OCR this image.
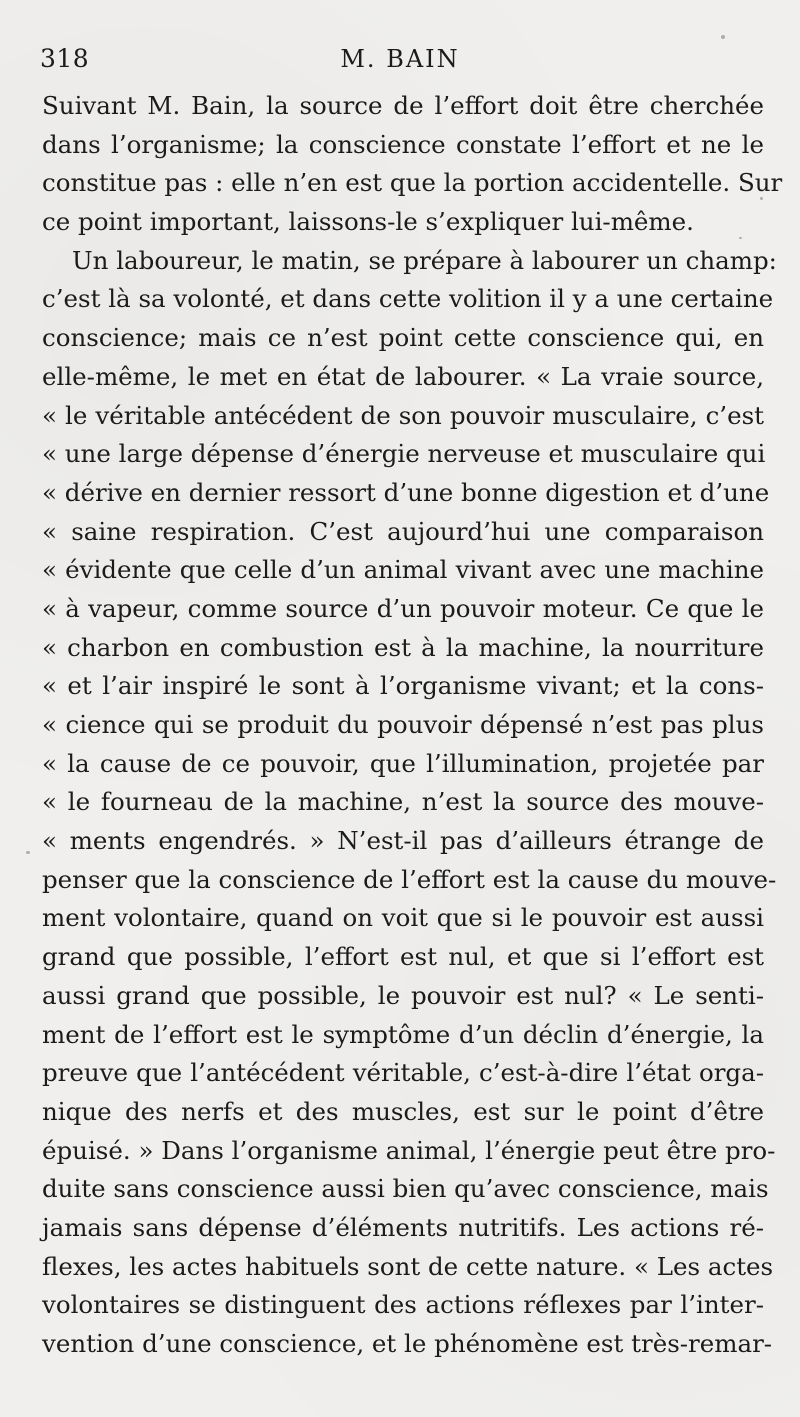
318	M. BAIN
Suivant M. Bain, la source de l’effort doit être cherchée
dans l’organisme; la conscience constate l’effort et ne le
constitue pas : elle n’en est que la portion accidentelle. Sur
ce point important, laissons-le s’expliquer lui-même.
Un laboureur, le matin, se prépare à labourer un champ:
c’est là sa volonté, et dans cette volition il y a une certaine
conscience; mais ce n’est point cette conscience qui, en
elle-même, le met en état de labourer. « La vraie source,
« le véritable antécédent de son pouvoir musculaire, c’est
« une large dépense d’énergie nerveuse et musculaire qui
« dérive en dernier ressort d’une bonne digestion et d’une
« saine respiration. C’est aujourd’hui une comparaison
« évidente que celle d’un animal vivant avec une machine
« à vapeur, comme source d’un pouvoir moteur. Ce que le
« charbon en combustion est à la machine, la nourriture
« et l’air inspiré le sont à l’organisme vivant; et la cons-
« cience qui se produit du pouvoir dépensé n’est pas plus
« la cause de ce pouvoir, que l’illumination, projetée par
« le fourneau de la machine, n’est la source des mouve-
« ments engendrés. » N’est-il pas d’ailleurs étrange de
penser que la conscience de l’effort est la cause du mouve-
ment volontaire, quand on voit que si le pouvoir est aussi
grand que possible, l’effort est nul, et que si l’effort est
aussi grand que possible, le pouvoir est nul? « Le senti-
ment de l’effort est le symptôme d’un déclin d’énergie, la
preuve que l’antécédent véritable, c’est-à-dire l’état orga-
nique des nerfs et des muscles, est sur le point d’être
épuisé. » Dans l’organisme animal, l’énergie peut être pro-
duite sans conscience aussi bien qu’avec conscience, mais
jamais sans dépense d’éléments nutritifs. Les actions ré-
flexes, les actes habituels sont de cette nature. « Les actes
volontaires se distinguent des actions réflexes par l’inter-
vention d’une conscience, et le phénomène est très-remar-
